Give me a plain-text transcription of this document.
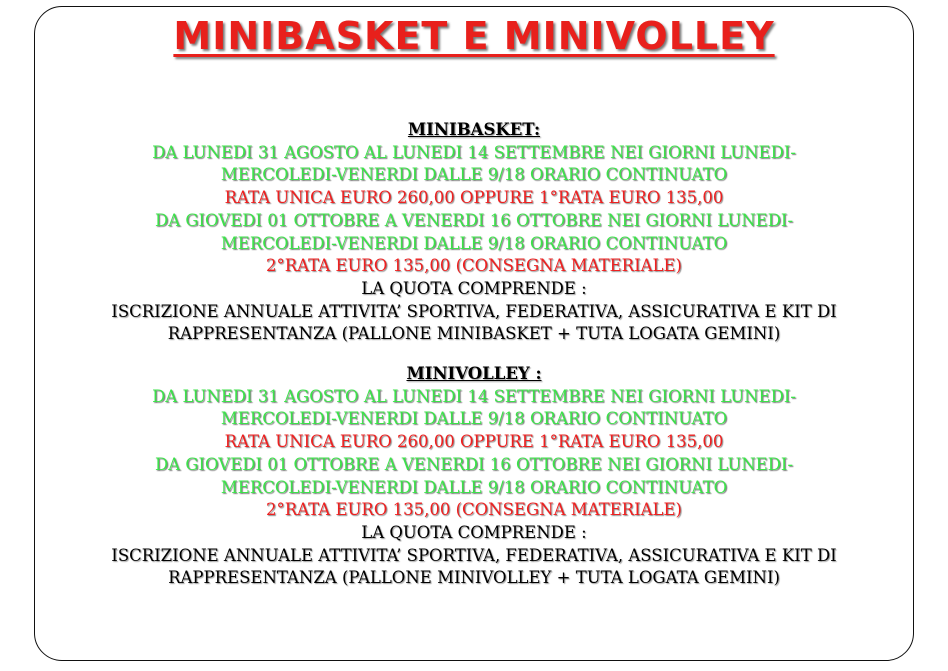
MINIBASKET E MINIVOLLEY
MINIBASKET:
DA LUNEDI 31 AGOSTO AL LUNEDI 14 SETTEMBRE NEI GIORNI LUNEDI-
MERCOLEDI-VENERDI DALLE 9/18 ORARIO CONTINUATO
RATA UNICA EURO 260,00 OPPURE 1°RATA EURO 135,00
DA GIOVEDI 01 OTTOBRE A VENERDI 16 OTTOBRE NEI GIORNI LUNEDI-
MERCOLEDI-VENERDI DALLE 9/18 ORARIO CONTINUATO
2°RATA EURO 135,00 (CONSEGNA MATERIALE)
LA QUOTA COMPRENDE :
ISCRIZIONE ANNUALE ATTIVITA’ SPORTIVA, FEDERATIVA, ASSICURATIVA E KIT DI
RAPPRESENTANZA (PALLONE MINIBASKET + TUTA LOGATA GEMINI)
MINIVOLLEY :
DA LUNEDI 31 AGOSTO AL LUNEDI 14 SETTEMBRE NEI GIORNI LUNEDI-
MERCOLEDI-VENERDI DALLE 9/18 ORARIO CONTINUATO
RATA UNICA EURO 260,00 OPPURE 1°RATA EURO 135,00
DA GIOVEDI 01 OTTOBRE A VENERDI 16 OTTOBRE NEI GIORNI LUNEDI-
MERCOLEDI-VENERDI DALLE 9/18 ORARIO CONTINUATO
2°RATA EURO 135,00 (CONSEGNA MATERIALE)
LA QUOTA COMPRENDE :
ISCRIZIONE ANNUALE ATTIVITA’ SPORTIVA, FEDERATIVA, ASSICURATIVA E KIT DI
RAPPRESENTANZA (PALLONE MINIVOLLEY + TUTA LOGATA GEMINI)
